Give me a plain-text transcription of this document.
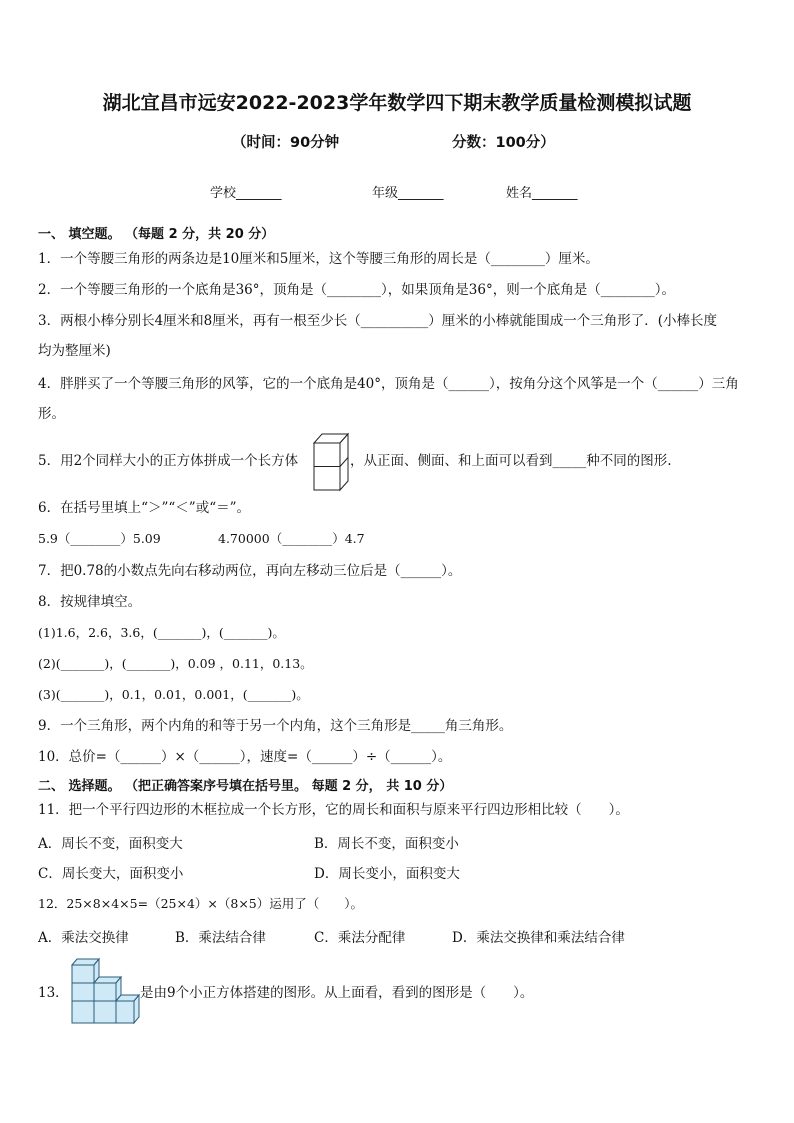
湖北宜昌市远安2022-2023学年数学四下期末教学质量检测模拟试题
（时间：90分钟	分数：100分）
学校_______	年级_______	姓名_______
一、 填空题。 （每题 2 分，共 20 分）
1．一个等腰三角形的两条边是10厘米和5厘米，这个等腰三角形的周长是（________）厘米。
2．一个等腰三角形的一个底角是36°，顶角是（________），如果顶角是36°，则一个底角是（________）。
3．两根小棒分别长4厘米和8厘米，再有一根至少长（__________）厘米的小棒就能围成一个三角形了．(小棒长度
均为整厘米)
4．胖胖买了一个等腰三角形的风筝，它的一个底角是40°，顶角是（______），按角分这个风筝是一个（______）三角
形。
5．用2个同样大小的正方体拼成一个长方体	，从正面、侧面、和上面可以看到_____种不同的图形.
6．在括号里填上“＞”“＜”或“＝”。
5.9（________）5.09	4.70000（________）4.7
7．把0.78的小数点先向右移动两位，再向左移动三位后是（______）。
8．按规律填空。
(1)1.6，2.6，3.6，(_______)，(_______)。
(2)(_______)，(_______)，0.09 ，0.11，0.13。
(3)(_______)，0.1，0.01，0.001，(_______)。
9．一个三角形，两个内角的和等于另一个内角，这个三角形是_____角三角形。
10．总价=（______）×（______），速度=（______）÷（______）。
二、 选择题。 （把正确答案序号填在括号里。 每题 2 分， 共 10 分）
11．把一个平行四边形的木框拉成一个长方形，它的周长和面积与原来平行四边形相比较（　　）。
A．周长不变，面积变大	B．周长不变，面积变小
C．周长变大，面积变小	D．周长变小，面积变大
12．25×8×4×5=（25×4）×（8×5）运用了（　　）。
A．乘法交换律	B．乘法结合律	C．乘法分配律	D．乘法交换律和乘法结合律
13．	是由9个小正方体搭建的图形。从上面看，看到的图形是（　　）。
